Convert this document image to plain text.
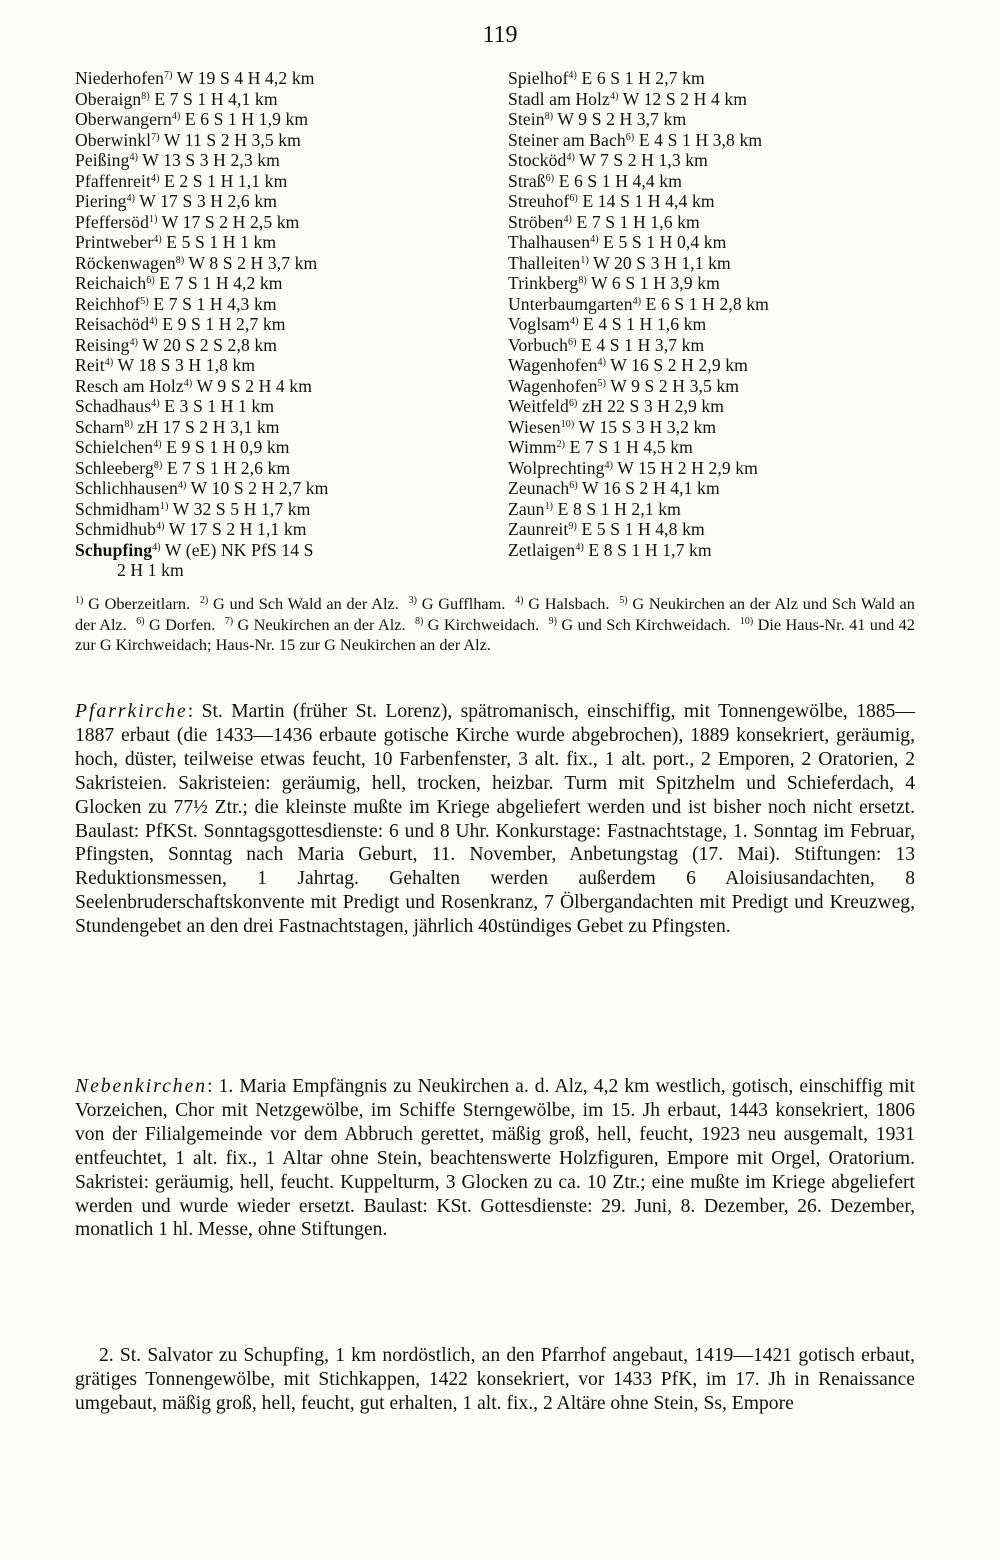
119
Niederhofen$^{7)}$ W 19 S 4 H 4,2 km
Oberaign$^{8)}$ E 7 S 1 H 4,1 km
Oberwangern$^{4)}$ E 6 S 1 H 1,9 km
Oberwinkl$^{7)}$ W 11 S 2 H 3,5 km
Peißing$^{4)}$ W 13 S 3 H 2,3 km
Pfaffenreit$^{4)}$ E 2 S 1 H 1,1 km
Piering$^{4)}$ W 17 S 3 H 2,6 km
Pfeffersöd$^{1)}$ W 17 S 2 H 2,5 km
Printweber$^{4)}$ E 5 S 1 H 1 km
Röckenwagen$^{8)}$ W 8 S 2 H 3,7 km
Reichaich$^{6)}$ E 7 S 1 H 4,2 km
Reichhof$^{5)}$ E 7 S 1 H 4,3 km
Reisachöd$^{4)}$ E 9 S 1 H 2,7 km
Reising$^{4)}$ W 20 S 2 S 2,8 km
Reit$^{4)}$ W 18 S 3 H 1,8 km
Resch am Holz$^{4)}$ W 9 S 2 H 4 km
Schadhaus$^{4)}$ E 3 S 1 H 1 km
Scharn$^{8)}$ zH 17 S 2 H 3,1 km
Schielchen$^{4)}$ E 9 S 1 H 0,9 km
Schleeberg$^{8)}$ E 7 S 1 H 2,6 km
Schlichhausen$^{4)}$ W 10 S 2 H 2,7 km
Schmidham$^{1)}$ W 32 S 5 H 1,7 km
Schmidhub$^{4)}$ W 17 S 2 H 1,1 km
Schupfing$^{4)}$ W (eE) NK PfS 14 S
2 H 1 km
Spielhof$^{4)}$ E 6 S 1 H 2,7 km
Stadl am Holz$^{4)}$ W 12 S 2 H 4 km
Stein$^{8)}$ W 9 S 2 H 3,7 km
Steiner am Bach$^{6)}$ E 4 S 1 H 3,8 km
Stocköd$^{4)}$ W 7 S 2 H 1,3 km
Straß$^{6)}$ E 6 S 1 H 4,4 km
Streuhof$^{6)}$ E 14 S 1 H 4,4 km
Ströben$^{4)}$ E 7 S 1 H 1,6 km
Thalhausen$^{4)}$ E 5 S 1 H 0,4 km
Thalleiten$^{1)}$ W 20 S 3 H 1,1 km
Trinkberg$^{8)}$ W 6 S 1 H 3,9 km
Unterbaumgarten$^{4)}$ E 6 S 1 H 2,8 km
Voglsam$^{4)}$ E 4 S 1 H 1,6 km
Vorbuch$^{6)}$ E 4 S 1 H 3,7 km
Wagenhofen$^{4)}$ W 16 S 2 H 2,9 km
Wagenhofen$^{5)}$ W 9 S 2 H 3,5 km
Weitfeld$^{6)}$ zH 22 S 3 H 2,9 km
Wiesen$^{10)}$ W 15 S 3 H 3,2 km
Wimm$^{2)}$ E 7 S 1 H 4,5 km
Wolprechting$^{4)}$ W 15 H 2 H 2,9 km
Zeunach$^{6)}$ W 16 S 2 H 4,1 km
Zaun$^{1)}$ E 8 S 1 H 2,1 km
Zaunreit$^{9)}$ E 5 S 1 H 4,8 km
Zetlaigen$^{4)}$ E 8 S 1 H 1,7 km
$^{1)}$ G Oberzeitlarn. $^{2)}$ G und Sch Wald an der Alz. $^{3)}$ G Gufflham. $^{4)}$ G Halsbach. $^{5)}$ G Neukirchen an der Alz und Sch Wald an der Alz. $^{6)}$ G Dorfen. $^{7)}$ G Neukirchen an der Alz. $^{8)}$ G Kirchweidach. $^{9)}$ G und Sch Kirchweidach. $^{10)}$ Die Haus-Nr. 41 und 42 zur G Kirchweidach; Haus-Nr. 15 zur G Neukirchen an der Alz.
Pfarrkirche: St. Martin (früher St. Lorenz), spätromanisch, einschiffig, mit Tonnengewölbe, 1885—1887 erbaut (die 1433—1436 erbaute gotische Kirche wurde abgebrochen), 1889 konsekriert, geräumig, hoch, düster, teilweise etwas feucht, 10 Farbenfenster, 3 alt. fix., 1 alt. port., 2 Emporen, 2 Oratorien, 2 Sakristeien. Sakristeien: geräumig, hell, trocken, heizbar. Turm mit Spitzhelm und Schieferdach, 4 Glocken zu 77½ Ztr.; die kleinste mußte im Kriege abgeliefert werden und ist bisher noch nicht ersetzt. Baulast: PfKSt. Sonntagsgottesdienste: 6 und 8 Uhr. Konkurstage: Fastnachtstage, 1. Sonntag im Februar, Pfingsten, Sonntag nach Maria Geburt, 11. November, Anbetungstag (17. Mai). Stiftungen: 13 Reduktionsmessen, 1 Jahrtag. Gehalten werden außerdem 6 Aloisiusandachten, 8 Seelenbruderschaftskonvente mit Predigt und Rosenkranz, 7 Ölbergandachten mit Predigt und Kreuzweg, Stundengebet an den drei Fastnachtstagen, jährlich 40stündiges Gebet zu Pfingsten.
Nebenkirchen: 1. Maria Empfängnis zu Neukirchen a. d. Alz, 4,2 km westlich, gotisch, einschiffig mit Vorzeichen, Chor mit Netzgewölbe, im Schiffe Sterngewölbe, im 15. Jh erbaut, 1443 konsekriert, 1806 von der Filialgemeinde vor dem Abbruch gerettet, mäßig groß, hell, feucht, 1923 neu ausgemalt, 1931 entfeuchtet, 1 alt. fix., 1 Altar ohne Stein, beachtenswerte Holzfiguren, Empore mit Orgel, Oratorium. Sakristei: geräumig, hell, feucht. Kuppelturm, 3 Glocken zu ca. 10 Ztr.; eine mußte im Kriege abgeliefert werden und wurde wieder ersetzt. Baulast: KSt. Gottesdienste: 29. Juni, 8. Dezember, 26. Dezember, monatlich 1 hl. Messe, ohne Stiftungen.
2. St. Salvator zu Schupfing, 1 km nordöstlich, an den Pfarrhof angebaut, 1419—1421 gotisch erbaut, grätiges Tonnengewölbe, mit Stichkappen, 1422 konsekriert, vor 1433 PfK, im 17. Jh in Renaissance umgebaut, mäßig groß, hell, feucht, gut erhalten, 1 alt. fix., 2 Altäre ohne Stein, Ss, Empore
